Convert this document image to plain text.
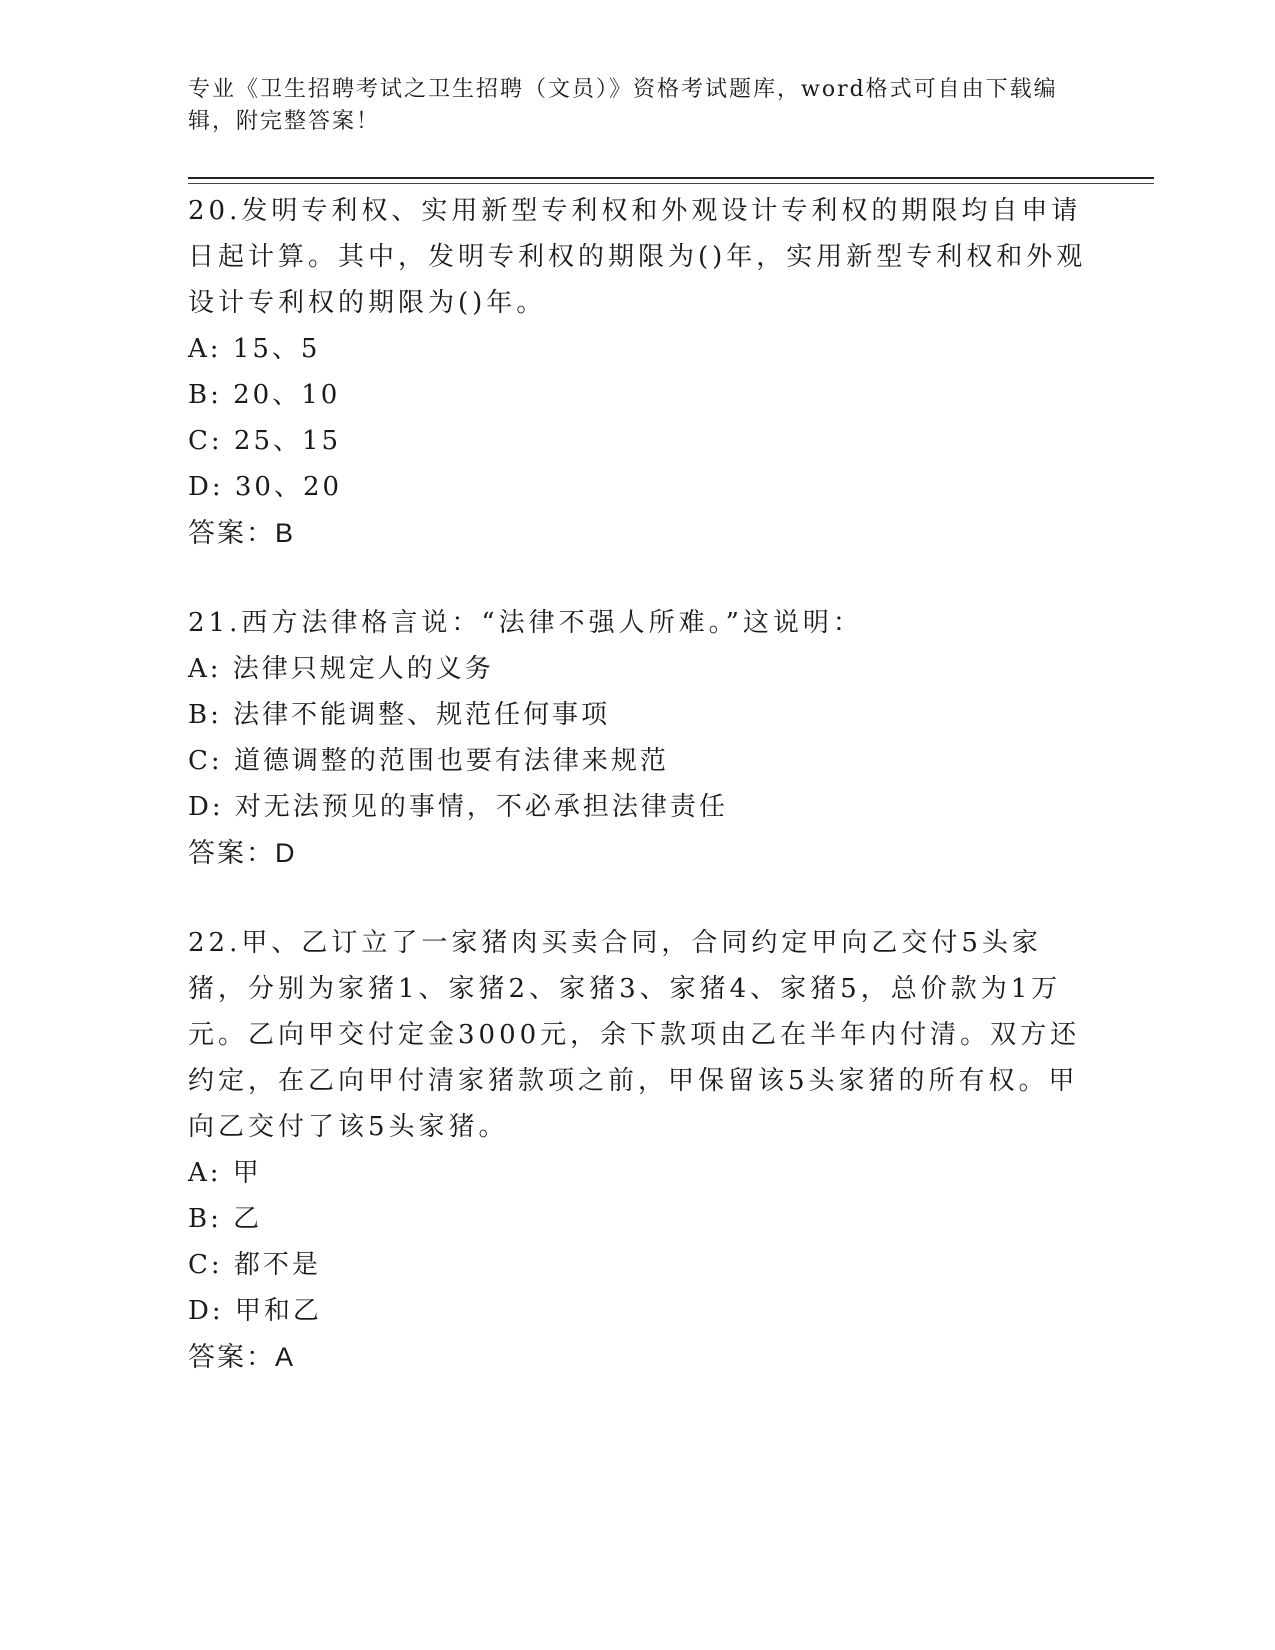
专业《卫生招聘考试之卫生招聘（文员）》资格考试题库，word格式可自由下载编辑，附完整答案！

20.发明专利权、实用新型专利权和外观设计专利权的期限均自申请日起计算。其中，发明专利权的期限为()年，实用新型专利权和外观设计专利权的期限为()年。

A: 15、5

B: 20、10

C: 25、15

D: 30、20

答案：B

21.西方法律格言说：“法律不强人所难。”这说明：

A: 法律只规定人的义务

B: 法律不能调整、规范任何事项

C: 道德调整的范围也要有法律来规范

D: 对无法预见的事情，不必承担法律责任

答案：D

22.甲、乙订立了一家猪肉买卖合同，合同约定甲向乙交付5头家猪，分别为家猪1、家猪2、家猪3、家猪4、家猪5，总价款为1万元。乙向甲交付定金3000元，余下款项由乙在半年内付清。双方还约定，在乙向甲付清家猪款项之前，甲保留该5头家猪的所有权。甲向乙交付了该5头家猪。

A: 甲

B: 乙

C: 都不是

D: 甲和乙

答案：A
